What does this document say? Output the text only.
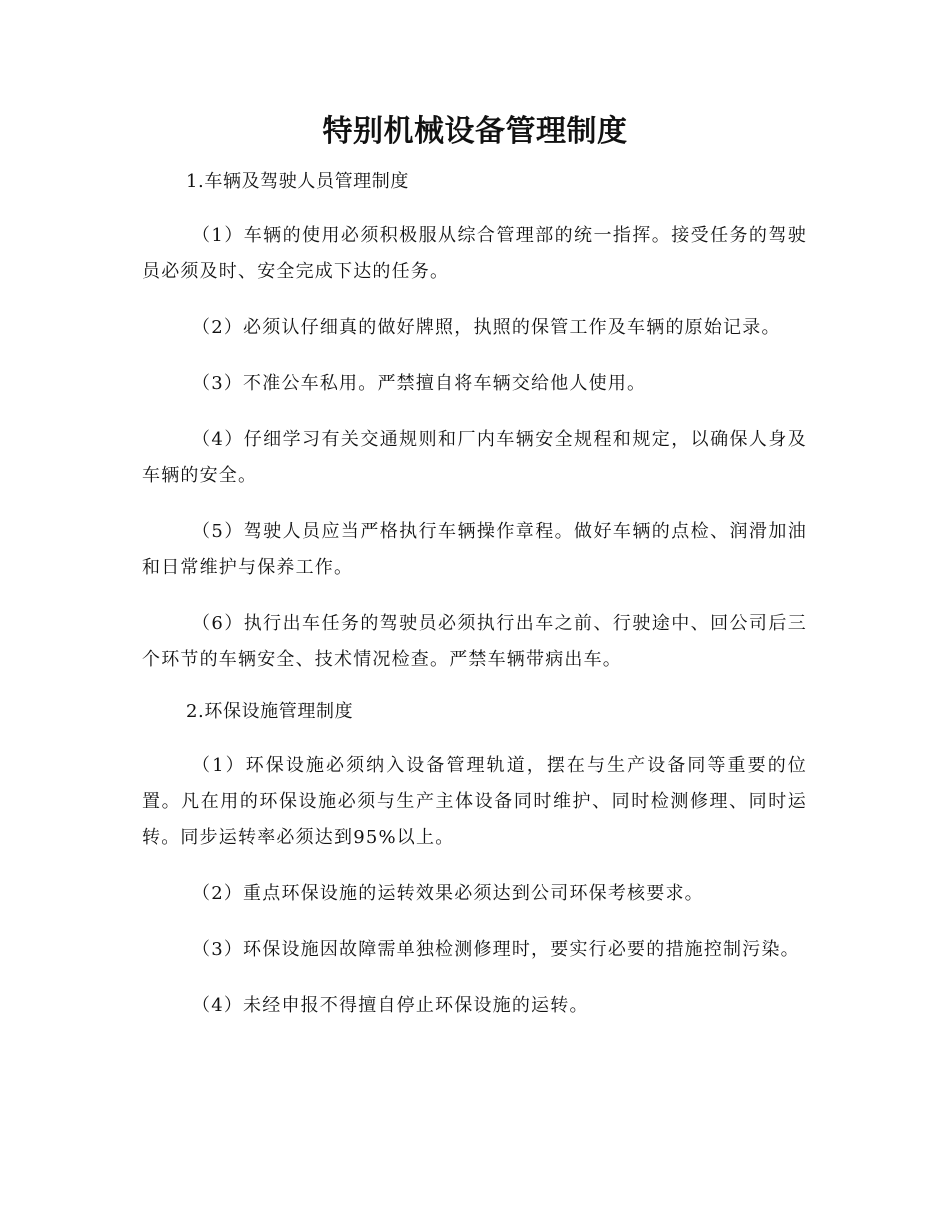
特别机械设备管理制度

1.车辆及驾驶人员管理制度

（1）车辆的使用必须积极服从综合管理部的统一指挥。接受任务的驾驶员必须及时、安全完成下达的任务。

（2）必须认仔细真的做好牌照，执照的保管工作及车辆的原始记录。

（3）不准公车私用。严禁擅自将车辆交给他人使用。

（4）仔细学习有关交通规则和厂内车辆安全规程和规定，以确保人身及车辆的安全。

（5）驾驶人员应当严格执行车辆操作章程。做好车辆的点检、润滑加油和日常维护与保养工作。

（6）执行出车任务的驾驶员必须执行出车之前、行驶途中、回公司后三个环节的车辆安全、技术情况检查。严禁车辆带病出车。

2.环保设施管理制度

（1）环保设施必须纳入设备管理轨道，摆在与生产设备同等重要的位置。凡在用的环保设施必须与生产主体设备同时维护、同时检测修理、同时运转。同步运转率必须达到95%以上。

（2）重点环保设施的运转效果必须达到公司环保考核要求。

（3）环保设施因故障需单独检测修理时，要实行必要的措施控制污染。

（4）未经申报不得擅自停止环保设施的运转。
